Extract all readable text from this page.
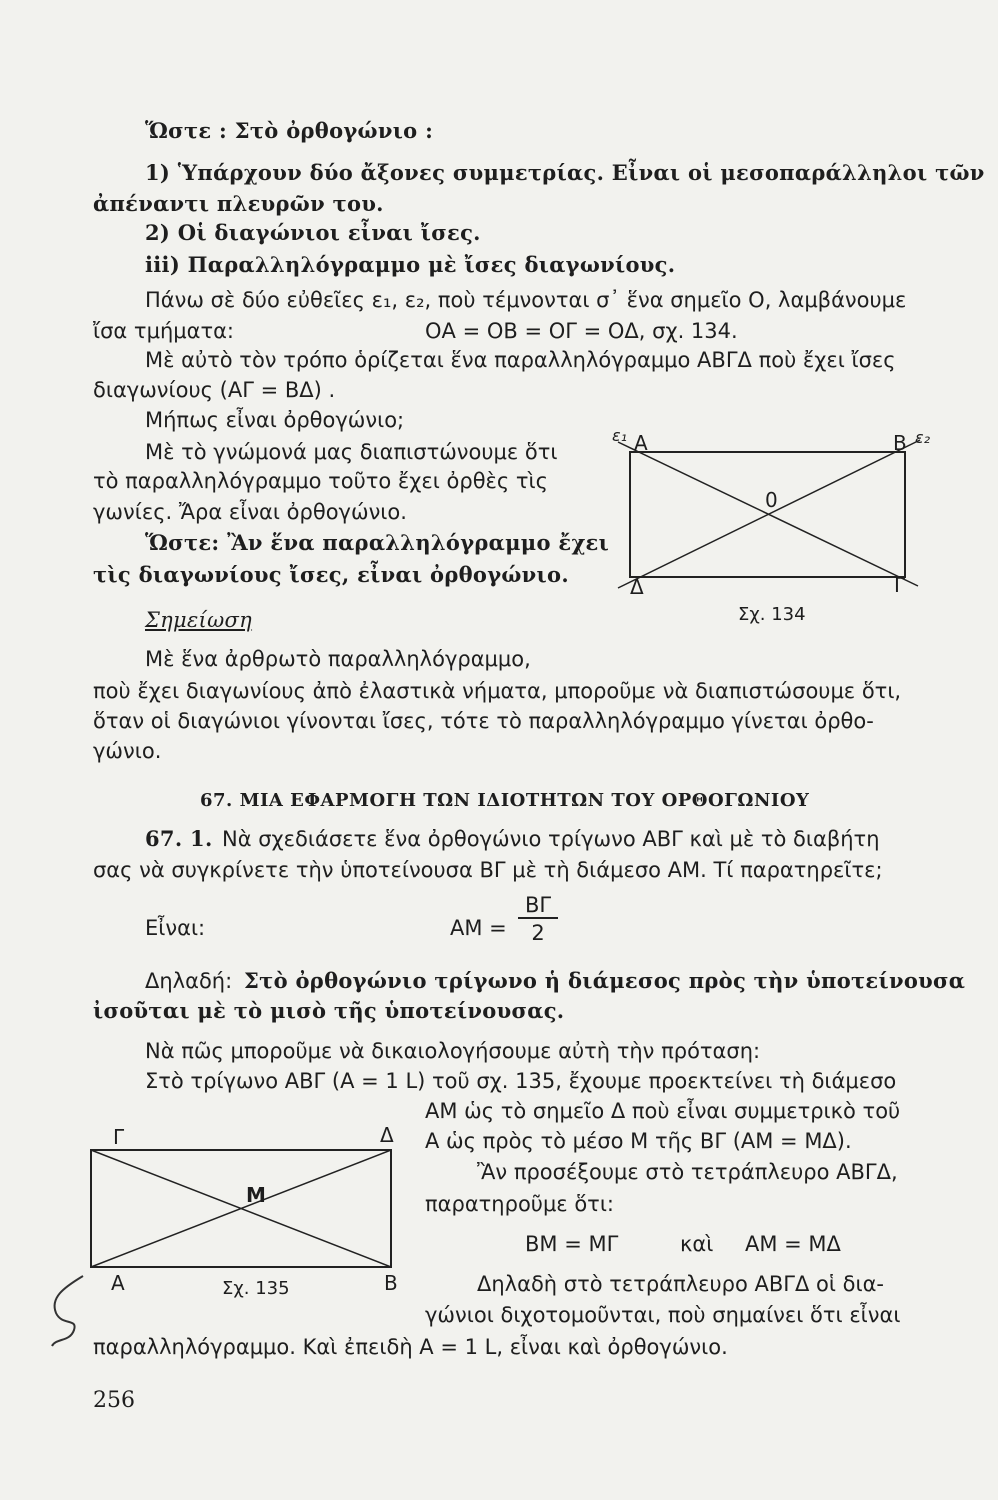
Ὥστε : Στὸ ὀρθογώνιο :
1) Ὑπάρχουν δύο ἄξονες συμμετρίας. Εἶναι οἱ μεσοπαράλληλοι τῶν
ἀπέναντι πλευρῶν του.
2) Οἱ διαγώνιοι εἶναι ἴσες.
iii) Παραλληλόγραμμο μὲ ἴσες διαγωνίους.
Πάνω σὲ δύο εὐθεῖες ε₁, ε₂, ποὺ τέμνονται σ᾽ ἕνα σημεῖο Ο, λαμβάνουμε
ἴσα τμήματα:	ΟΑ = ΟΒ = ΟΓ = ΟΔ, σχ. 134.
Μὲ αὐτὸ τὸν τρόπο ὁρίζεται ἕνα παραλληλόγραμμο ΑΒΓΔ ποὺ ἔχει ἴσες
διαγωνίους (ΑΓ = ΒΔ) .
Μήπως εἶναι ὀρθογώνιο;
Μὲ τὸ γνώμονά μας διαπιστώνουμε ὅτι
τὸ παραλληλόγραμμο τοῦτο ἔχει ὀρθὲς τὶς
γωνίες. Ἄρα εἶναι ὀρθογώνιο.
Ὥστε: Ἂν ἕνα παραλληλόγραμμο ἔχει
τὶς διαγωνίους ἴσες, εἶναι ὀρθογώνιο.
Σημείωση
Μὲ ἕνα ἀρθρωτὸ παραλληλόγραμμο,
ποὺ ἔχει διαγωνίους ἀπὸ ἐλαστικὰ νήματα, μποροῦμε νὰ διαπιστώσουμε ὅτι,
ὅταν οἱ διαγώνιοι γίνονται ἴσες, τότε τὸ παραλληλόγραμμο γίνεται ὀρθο-
γώνιο.
67. ΜΙΑ ΕΦΑΡΜΟΓΗ ΤΩΝ ΙΔΙΟΤΗΤΩΝ ΤΟΥ ΟΡΘΟΓΩΝΙΟΥ
67. 1. Νὰ σχεδιάσετε ἕνα ὀρθογώνιο τρίγωνο ΑΒΓ καὶ μὲ τὸ διαβήτη
σας νὰ συγκρίνετε τὴν ὑποτείνουσα ΒΓ μὲ τὴ διάμεσο ΑΜ. Τί παρατηρεῖτε;
Εἶναι:	ΑΜ =
ΒΓ
2
Δηλαδή: Στὸ ὀρθογώνιο τρίγωνο ἡ διάμεσος πρὸς τὴν ὑποτείνουσα
ἰσοῦται μὲ τὸ μισὸ τῆς ὑποτείνουσας.
Νὰ πῶς μποροῦμε νὰ δικαιολογήσουμε αὐτὴ τὴν πρόταση:
Στὸ τρίγωνο ΑΒΓ (Α = 1 L) τοῦ σχ. 135, ἔχουμε προεκτείνει τὴ διάμεσο
ΑΜ ὡς τὸ σημεῖο Δ ποὺ εἶναι συμμετρικὸ τοῦ
Α ὡς πρὸς τὸ μέσο Μ τῆς ΒΓ (ΑΜ = ΜΔ).
Ἂν προσέξουμε στὸ τετράπλευρο ΑΒΓΔ,
παρατηροῦμε ὅτι:
ΒΜ = ΜΓ	καὶ ΑΜ = ΜΔ
Δηλαδὴ στὸ τετράπλευρο ΑΒΓΔ οἱ δια-
γώνιοι διχοτομοῦνται, ποὺ σημαίνει ὅτι εἶναι
παραλληλόγραμμο. Καὶ ἐπειδὴ Α = 1 L, εἶναι καὶ ὀρθογώνιο.
Α	Β
Γ
Δ
0
ε₁	ε₂
Σχ. 134
Γ	Δ
Μ
Α	Β
Σχ. 135
256
